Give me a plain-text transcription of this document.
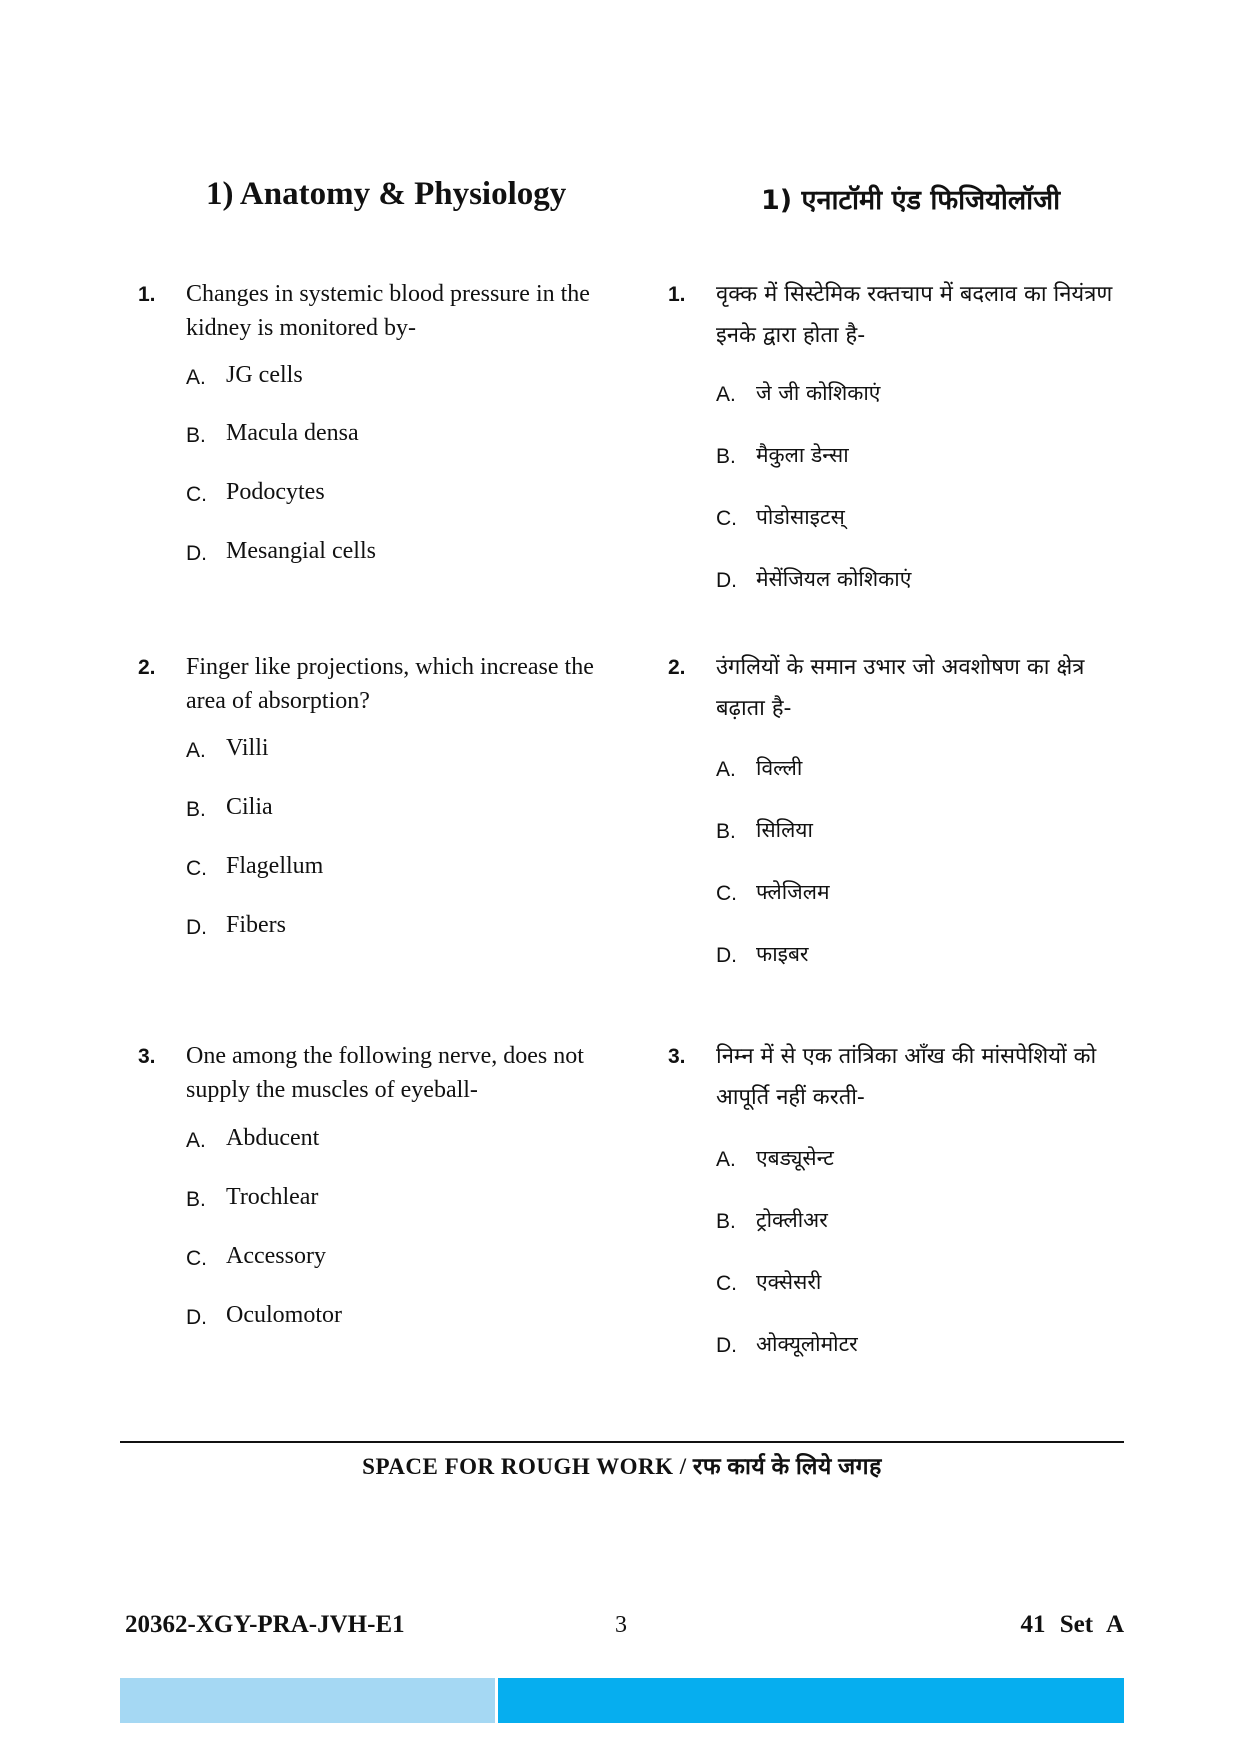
1) Anatomy & Physiology
1. Changes in systemic blood pressure in the kidney is monitored by-
A. JG cells
B. Macula densa
C. Podocytes
D. Mesangial cells
2. Finger like projections, which increase the area of absorption?
A. Villi
B. Cilia
C. Flagellum
D. Fibers
3. One among the following nerve, does not supply the muscles of eyeball-
A. Abducent
B. Trochlear
C. Accessory
D. Oculomotor
1) एनाटॉमी एंड फिजियोलॉजी
1. वृक्क में सिस्टेमिक रक्तचाप में बदलाव का नियंत्रण इनके द्वारा होता है-
A. जे जी कोशिकाएं
B. मैकुला डेन्सा
C. पोडोसाइटस्
D. मेसेंजियल कोशिकाएं
2. उंगलियों के समान उभार जो अवशोषण का क्षेत्र बढ़ाता है-
A. विल्ली
B. सिलिया
C. फ्लेजिलम
D. फाइबर
3. निम्न में से एक तांत्रिका आँख की मांसपेशियों को आपूर्ति नहीं करती-
A. एबड्यूसेन्ट
B. ट्रोक्लीअर
C. एक्सेसरी
D. ओक्यूलोमोटर
SPACE FOR ROUGH WORK / रफ कार्य के लिये जगह
20362-XGY-PRA-JVH-E1	3	41 Set A
